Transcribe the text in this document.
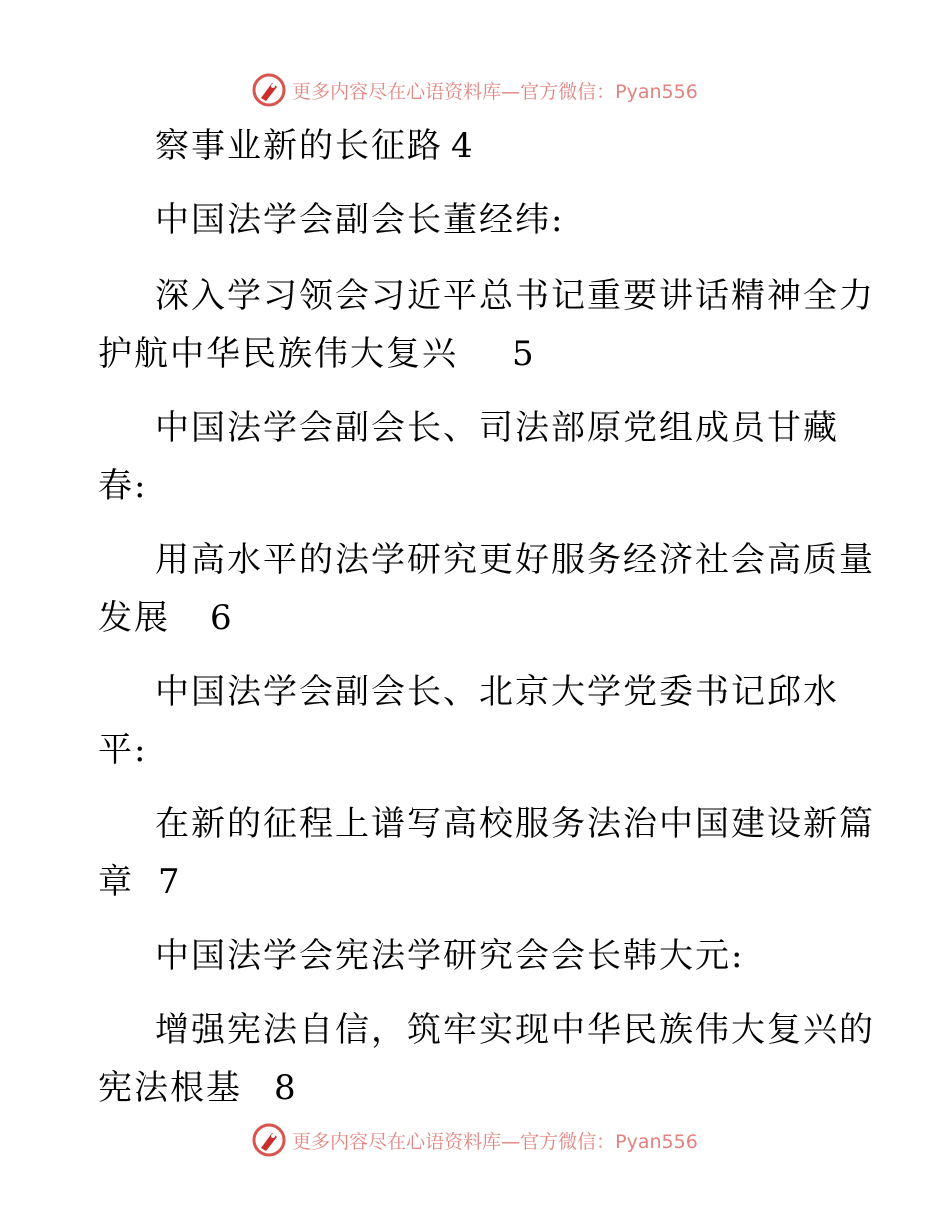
更多内容尽在心语资料库—官方微信：Pyan556
察事业新的长征路 4
中国法学会副会长董经纬:
深入学习领会习近平总书记重要讲话精神全力
护航中华民族伟大复兴 5
中国法学会副会长、司法部原党组成员甘藏
春:
用高水平的法学研究更好服务经济社会高质量
发展 6
中国法学会副会长、北京大学党委书记邱水
平:
在新的征程上谱写高校服务法治中国建设新篇
章 7
中国法学会宪法学研究会会长韩大元:
增强宪法自信，筑牢实现中华民族伟大复兴的
宪法根基 8
更多内容尽在心语资料库—官方微信：Pyan556
